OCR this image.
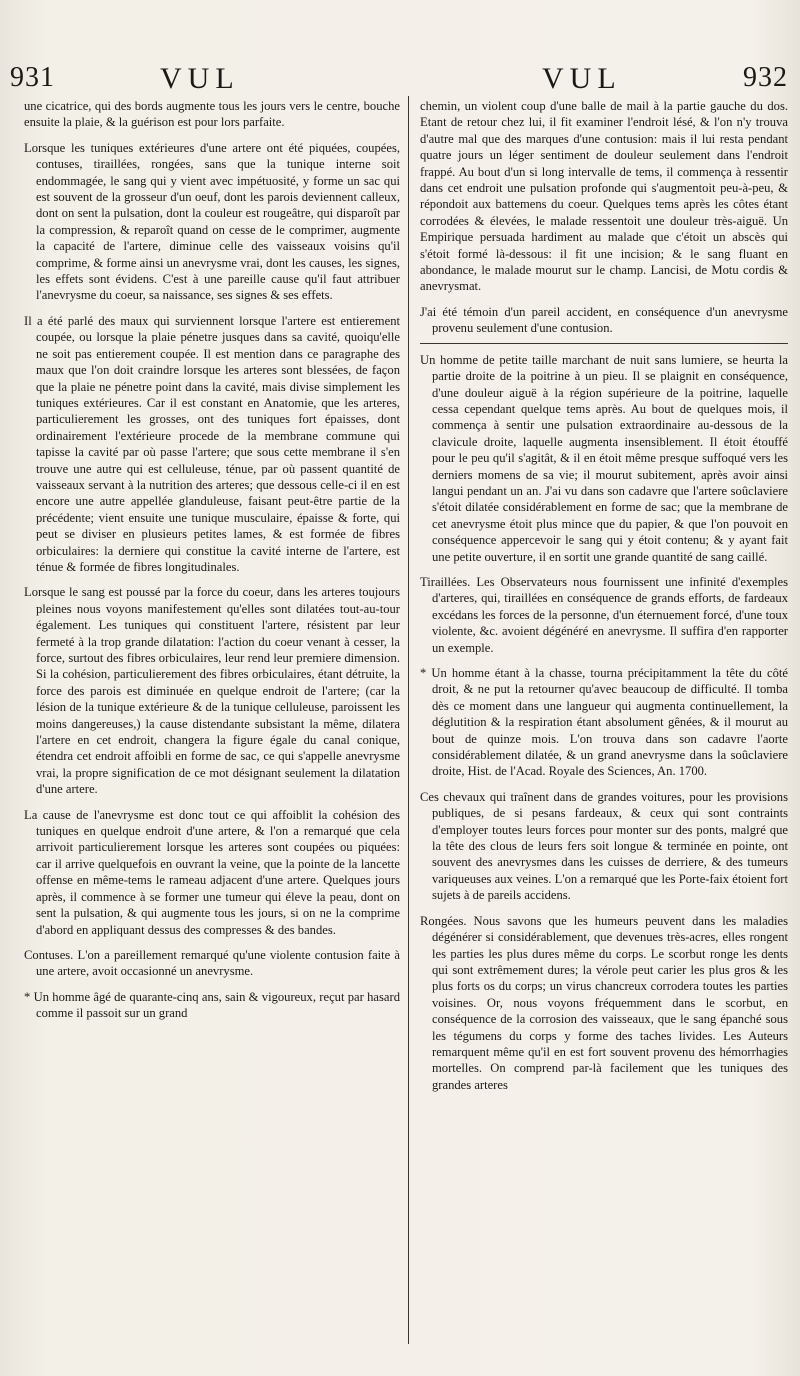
931	VUL	VUL	932

une cicatrice, qui des bords augmente tous les jours vers le centre, bouche ensuite la plaie, & la guérison est pour lors parfaite.

Lorsque les tuniques extérieures d'une artere ont été piquées, coupées, contuses, tiraillées, rongées, sans que la tunique interne soit endommagée, le sang qui y vient avec impétuosité, y forme un sac qui est souvent de la grosseur d'un oeuf, dont les parois deviennent calleux, dont on sent la pulsation, dont la couleur est rougeâtre, qui disparoît par la compression, & reparoît quand on cesse de le comprimer, augmente la capacité de l'artere, diminue celle des vaisseaux voisins qu'il comprime, & forme ainsi un anevrysme vrai, dont les causes, les signes, les effets sont évidens. C'est à une pareille cause qu'il faut attribuer l'anevrysme du coeur, sa naissance, ses signes & ses effets.

Il a été parlé des maux qui surviennent lorsque l'artere est entierement coupée, ou lorsque la plaie pénetre jusques dans sa cavité, quoiqu'elle ne soit pas entierement coupée. Il est mention dans ce paragraphe des maux que l'on doit craindre lorsque les arteres sont blessées, de façon que la plaie ne pénetre point dans la cavité, mais divise simplement les tuniques extérieures. Car il est constant en Anatomie, que les arteres, particulierement les grosses, ont des tuniques fort épaisses, dont ordinairement l'extérieure procede de la membrane commune qui tapisse la cavité par où passe l'artere; que sous cette membrane il s'en trouve une autre qui est celluleuse, ténue, par où passent quantité de vaisseaux servant à la nutrition des arteres; que dessous celle-ci il en est encore une autre appellée glanduleuse, faisant peut-être partie de la précédente; vient ensuite une tunique musculaire, épaisse & forte, qui peut se diviser en plusieurs petites lames, & est formée de fibres orbiculaires: la derniere qui constitue la cavité interne de l'artere, est ténue & formée de fibres longitudinales.

Lorsque le sang est poussé par la force du coeur, dans les arteres toujours pleines nous voyons manifestement qu'elles sont dilatées tout-au-tour également. Les tuniques qui constituent l'artere, résistent par leur fermeté à la trop grande dilatation: l'action du coeur venant à cesser, la force, surtout des fibres orbiculaires, leur rend leur premiere dimension. Si la cohésion, particulierement des fibres orbiculaires, étant détruite, la force des parois est diminuée en quelque endroit de l'artere; (car la lésion de la tunique extérieure & de la tunique celluleuse, paroissent les moins dangereuses,) la cause distendante subsistant la même, dilatera l'artere en cet endroit, changera la figure égale du canal conique, étendra cet endroit affoibli en forme de sac, ce qui s'appelle anevrysme vrai, la propre signification de ce mot désignant seulement la dilatation d'une artere.

La cause de l'anevrysme est donc tout ce qui affoiblit la cohésion des tuniques en quelque endroit d'une artere, & l'on a remarqué que cela arrivoit particulierement lorsque les arteres sont coupées ou piquées: car il arrive quelquefois en ouvrant la veine, que la pointe de la lancette offense en même-tems le rameau adjacent d'une artere. Quelques jours après, il commence à se former une tumeur qui éleve la peau, dont on sent la pulsation, & qui augmente tous les jours, si on ne la comprime d'abord en appliquant dessus des compresses & des bandes.

Contuses. L'on a pareillement remarqué qu'une violente contusion faite à une artere, avoit occasionné un anevrysme.

* Un homme âgé de quarante-cinq ans, sain & vigoureux, reçut par hasard comme il passoit sur un grand

chemin, un violent coup d'une balle de mail à la partie gauche du dos. Etant de retour chez lui, il fit examiner l'endroit lésé, & l'on n'y trouva d'autre mal que des marques d'une contusion: mais il lui resta pendant quatre jours un léger sentiment de douleur seulement dans l'endroit frappé. Au bout d'un si long intervalle de tems, il commença à ressentir dans cet endroit une pulsation profonde qui s'augmentoit peu-à-peu, & répondoit aux battemens du coeur. Quelques tems après les côtes étant corrodées & élevées, le malade ressentoit une douleur très-aiguë. Un Empirique persuada hardiment au malade que c'étoit un abscès qui s'étoit formé là-dessous: il fit une incision; & le sang fluant en abondance, le malade mourut sur le champ. Lancisi, de Motu cordis & anevrysmat.

J'ai été témoin d'un pareil accident, en conséquence d'un anevrysme provenu seulement d'une contusion.

Un homme de petite taille marchant de nuit sans lumiere, se heurta la partie droite de la poitrine à un pieu. Il se plaignit en conséquence, d'une douleur aiguë à la région supérieure de la poitrine, laquelle cessa cependant quelque tems après. Au bout de quelques mois, il commença à sentir une pulsation extraordinaire au-dessous de la clavicule droite, laquelle augmenta insensiblement. Il étoit étouffé pour le peu qu'il s'agitât, & il en étoit même presque suffoqué vers les derniers momens de sa vie; il mourut subitement, après avoir ainsi langui pendant un an. J'ai vu dans son cadavre que l'artere soûclaviere s'étoit dilatée considérablement en forme de sac; que la membrane de cet anevrysme étoit plus mince que du papier, & que l'on pouvoit en conséquence appercevoir le sang qui y étoit contenu; & y ayant fait une petite ouverture, il en sortit une grande quantité de sang caillé.

Tiraillées. Les Observateurs nous fournissent une infinité d'exemples d'arteres, qui, tiraillées en conséquence de grands efforts, de fardeaux excédans les forces de la personne, d'un éternuement forcé, d'une toux violente, &c. avoient dégénéré en anevrysme. Il suffira d'en rapporter un exemple.

* Un homme étant à la chasse, tourna précipitamment la tête du côté droit, & ne put la retourner qu'avec beaucoup de difficulté. Il tomba dès ce moment dans une langueur qui augmenta continuellement, la déglutition & la respiration étant absolument gênées, & il mourut au bout de quinze mois. L'on trouva dans son cadavre l'aorte considérablement dilatée, & un grand anevrysme dans la soûclaviere droite, Hist. de l'Acad. Royale des Sciences, An. 1700.

Ces chevaux qui traînent dans de grandes voitures, pour les provisions publiques, de si pesans fardeaux, & ceux qui sont contraints d'employer toutes leurs forces pour monter sur des ponts, malgré que la tête des clous de leurs fers soit longue & terminée en pointe, ont souvent des anevrysmes dans les cuisses de derriere, & des tumeurs variqueuses aux veines. L'on a remarqué que les Porte-faix étoient fort sujets à de pareils accidens.

Rongées. Nous savons que les humeurs peuvent dans les maladies dégénérer si considérablement, que devenues très-acres, elles rongent les parties les plus dures même du corps. Le scorbut ronge les dents qui sont extrêmement dures; la vérole peut carier les plus gros & les plus forts os du corps; un virus chancreux corrodera toutes les parties voisines. Or, nous voyons fréquemment dans le scorbut, en conséquence de la corrosion des vaisseaux, que le sang épanché sous les tégumens du corps y forme des taches livides. Les Auteurs remarquent même qu'il en est fort souvent provenu des hémorrhagies mortelles. On comprend par-là facilement que les tuniques des grandes arteres
